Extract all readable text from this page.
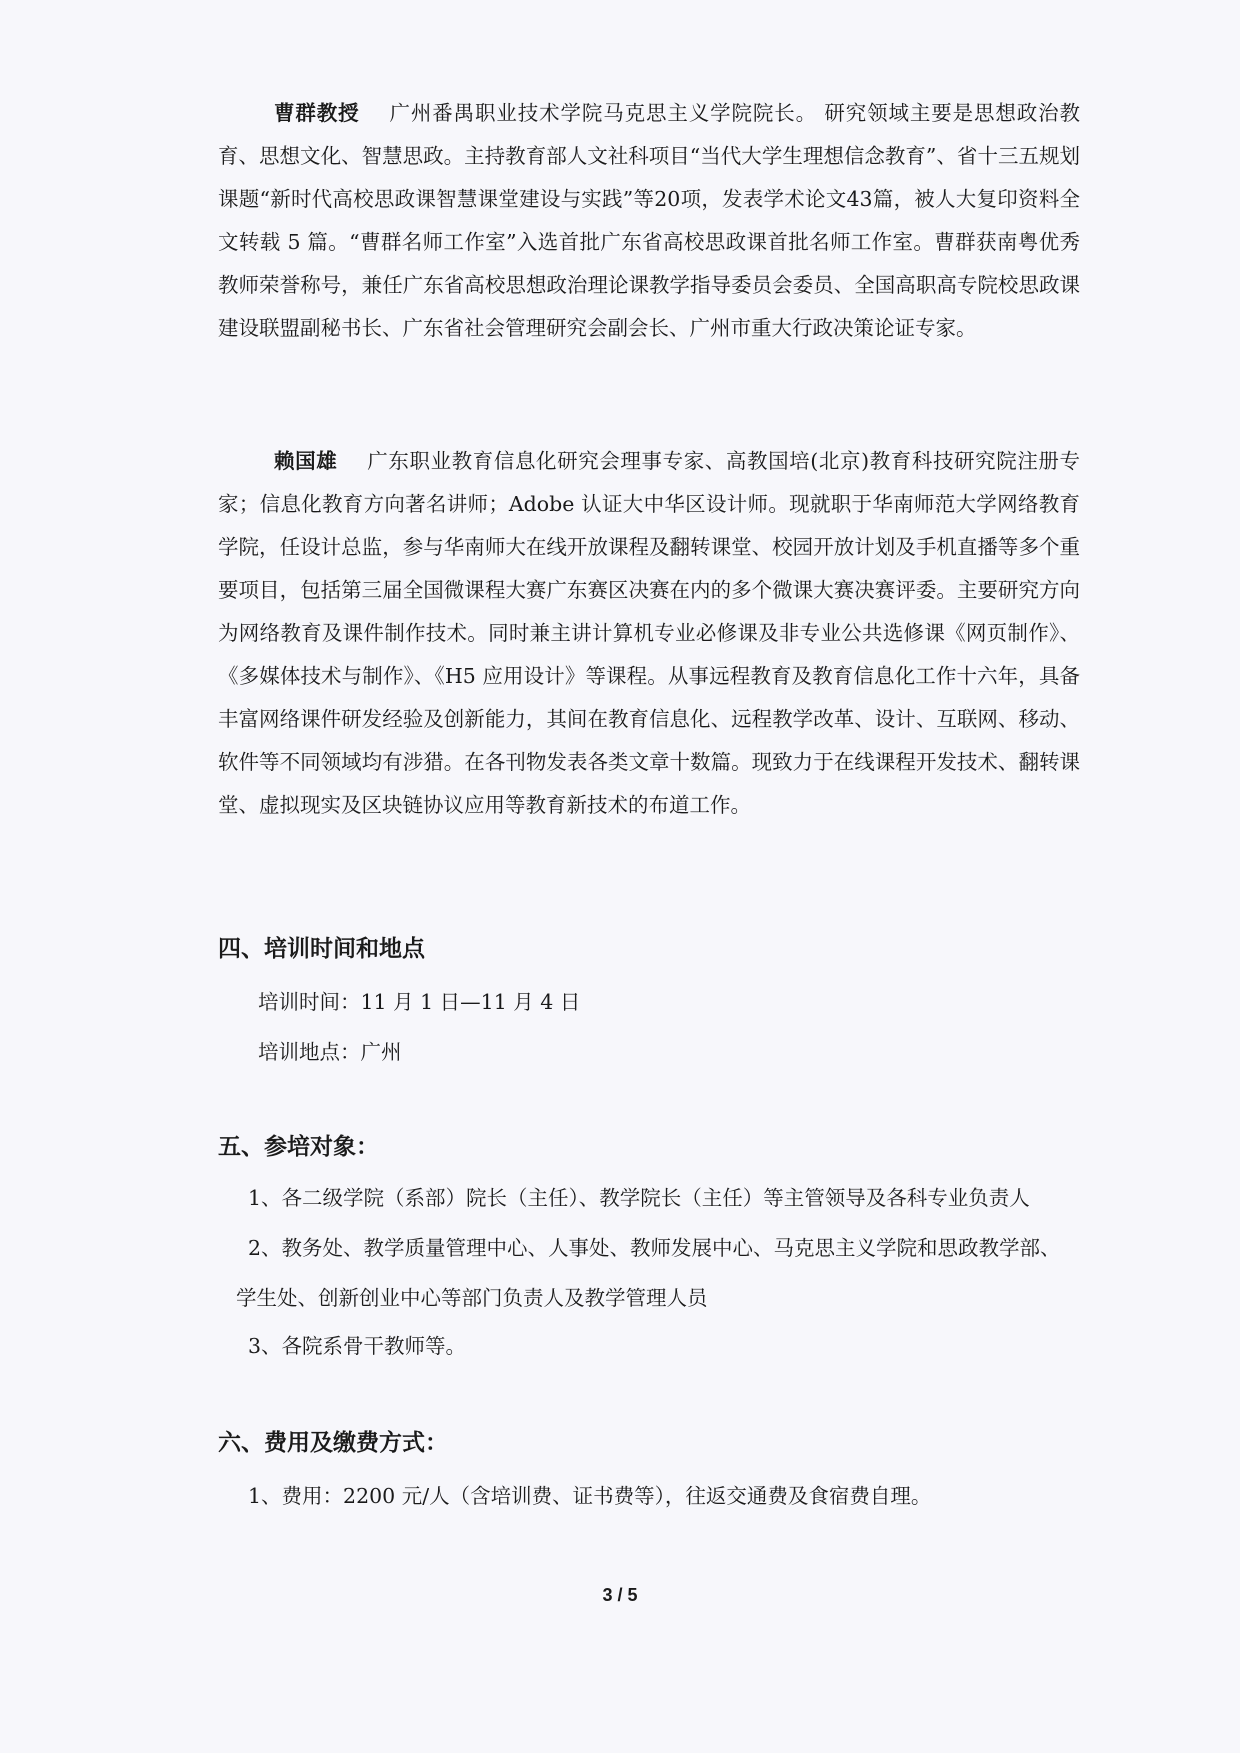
曹群教授 广州番禺职业技术学院马克思主义学院院长。 研究领域主要是思想政治教育、思想文化、智慧思政。主持教育部人文社科项目“当代大学生理想信念教育”、省十三五规划课题“新时代高校思政课智慧课堂建设与实践”等20项，发表学术论文43篇，被人大复印资料全文转载 5 篇。“曹群名师工作室”入选首批广东省高校思政课首批名师工作室。曹群获南粤优秀教师荣誉称号，兼任广东省高校思想政治理论课教学指导委员会委员、全国高职高专院校思政课建设联盟副秘书长、广东省社会管理研究会副会长、广州市重大行政决策论证专家。

赖国雄 广东职业教育信息化研究会理事专家、高教国培(北京)教育科技研究院注册专家；信息化教育方向著名讲师；Adobe 认证大中华区设计师。现就职于华南师范大学网络教育学院，任设计总监，参与华南师大在线开放课程及翻转课堂、校园开放计划及手机直播等多个重要项目，包括第三届全国微课程大赛广东赛区决赛在内的多个微课大赛决赛评委。主要研究方向为网络教育及课件制作技术。同时兼主讲计算机专业必修课及非专业公共选修课《网页制作》、《多媒体技术与制作》、《H5 应用设计》等课程。从事远程教育及教育信息化工作十六年，具备丰富网络课件研发经验及创新能力，其间在教育信息化、远程教学改革、设计、互联网、移动、软件等不同领域均有涉猎。在各刊物发表各类文章十数篇。现致力于在线课程开发技术、翻转课堂、虚拟现实及区块链协议应用等教育新技术的布道工作。

四、培训时间和地点

培训时间：11 月 1 日—11 月 4 日

培训地点：广州

五、参培对象：

1、各二级学院（系部）院长（主任）、教学院长（主任）等主管领导及各科专业负责人

2、教务处、教学质量管理中心、人事处、教师发展中心、马克思主义学院和思政教学部、

学生处、创新创业中心等部门负责人及教学管理人员

3、各院系骨干教师等。

六、费用及缴费方式：

1、费用：2200 元/人（含培训费、证书费等），往返交通费及食宿费自理。

3 / 5
